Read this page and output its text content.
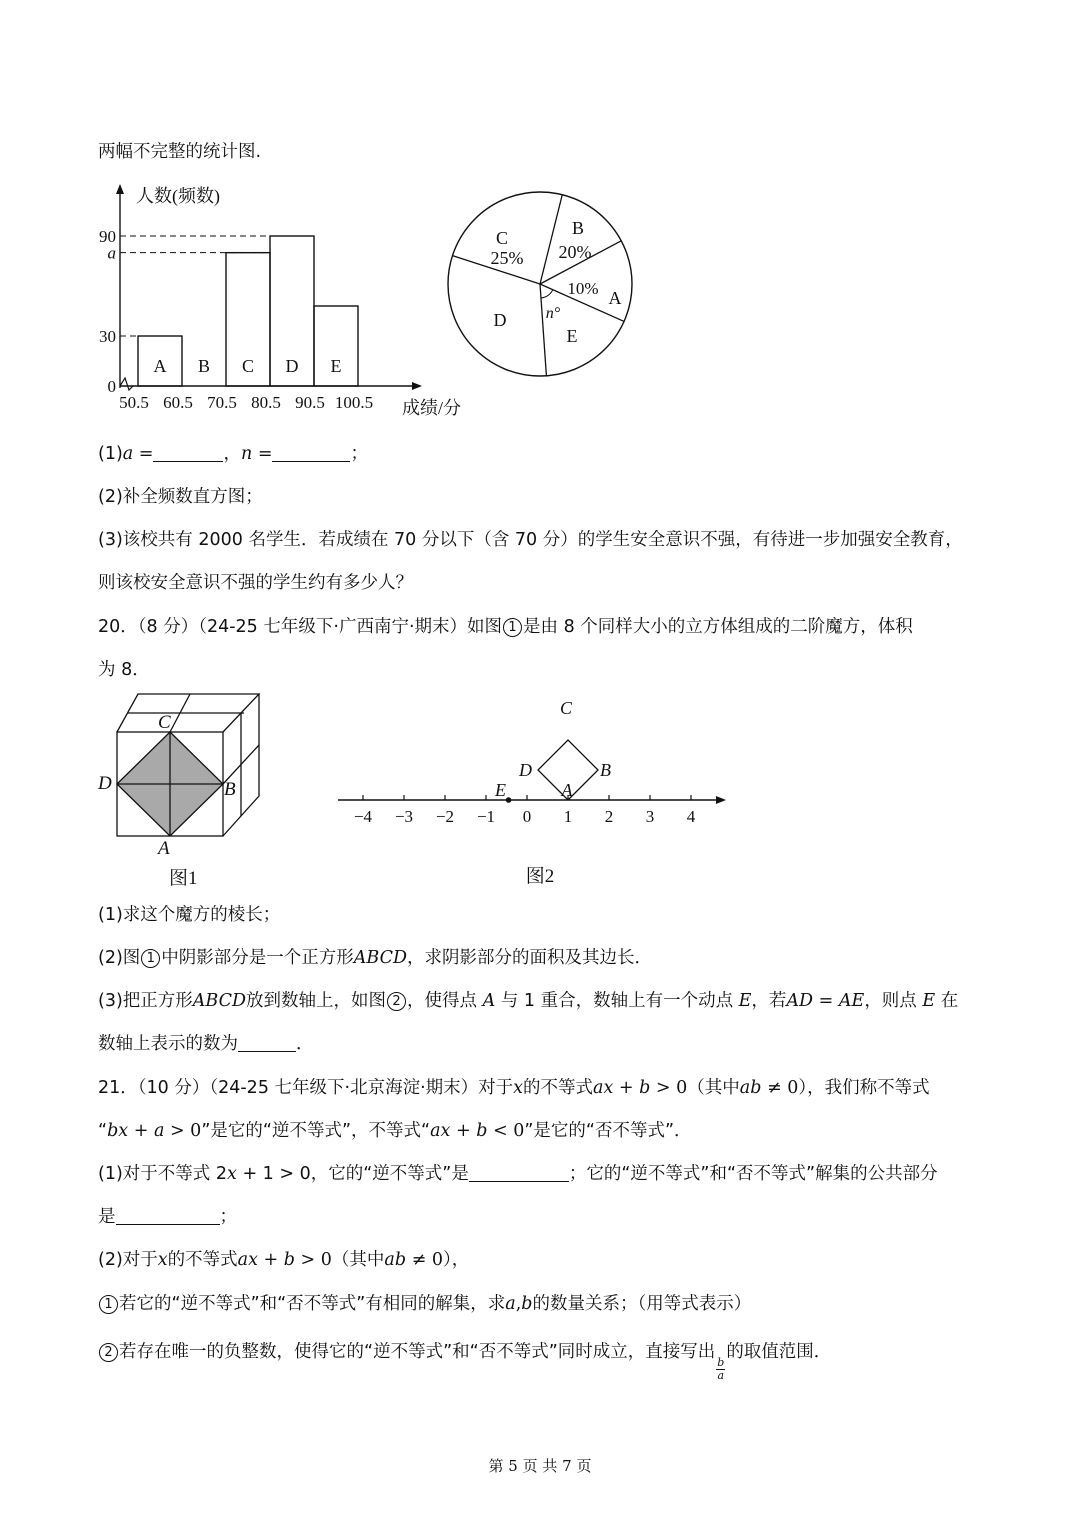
两幅不完整的统计图.
人数(频数)
成绩/分
0
30
a
90
A B C D E
50.5 60.5 70.5 80.5 90.5 100.5
C
25%
B
20%
A
10%
E
D n°
(1)a =	，n =	；
(2)补全频数直方图；
(3)该校共有 2000 名学生．若成绩在 70 分以下（含 70 分）的学生安全意识不强，有待进一步加强安全教育，
则该校安全意识不强的学生约有多少人？
20．（8 分）（24-25 七年级下·广西南宁·期末）如图 1 是由 8 个同样大小的立方体组成的二阶魔方，体积
为 8．
C
D	B
A
图1
−4 −3 −2 −1 0 1 2 3 4
C
D	B
A
E
图2
(1)求这个魔方的棱长；
(2)图 1 中阴影部分是一个正方形ABCD，求阴影部分的面积及其边长．
(3)把正方形ABCD放到数轴上，如图 2 ，使得点 A 与 1 重合，数轴上有一个动点 E，若AD = AE，则点 E 在
数轴上表示的数为	．
21．（10 分）（24-25 七年级下·北京海淀·期末）对于x的不等式ax + b > 0（其中ab ≠ 0），我们称不等式
“bx + a > 0”是它的“逆不等式”，不等式“ax + b < 0”是它的“否不等式”．
(1)对于不等式 2x + 1 > 0，它的“逆不等式”是	；它的“逆不等式”和“否不等式”解集的公共部分
是	；
(2)对于x的不等式ax + b > 0（其中ab ≠ 0），
1 若它的“逆不等式”和“否不等式”有相同的解集，求a,b的数量关系；（用等式表示）
2 若存在唯一的负整数，使得它的“逆不等式”和“否不等式”同时成立，直接写出
$\frac{b}{a}$
的取值范围．
第 5 页 共 7 页
